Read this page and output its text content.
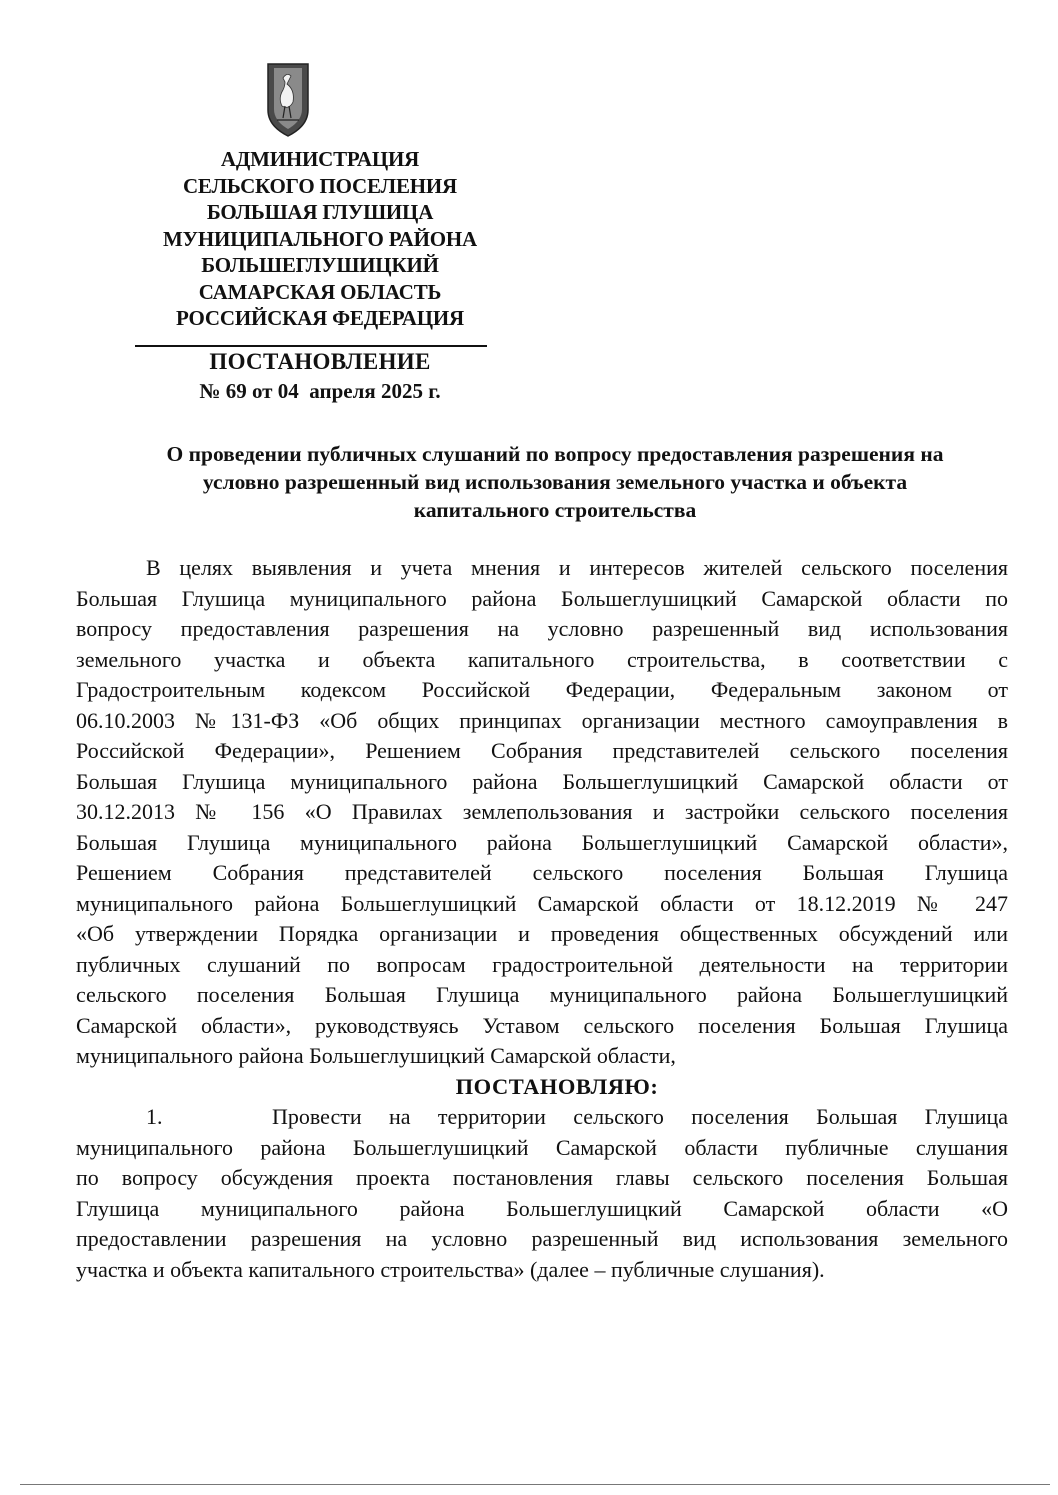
АДМИНИСТРАЦИЯ
СЕЛЬСКОГО ПОСЕЛЕНИЯ
БОЛЬШАЯ ГЛУШИЦА
МУНИЦИПАЛЬНОГО РАЙОНА
БОЛЬШЕГЛУШИЦКИЙ
САМАРСКАЯ ОБЛАСТЬ
РОССИЙСКАЯ ФЕДЕРАЦИЯ
ПОСТАНОВЛЕНИЕ
№ 69 от 04  апреля 2025 г.
О проведении публичных слушаний по вопросу предоставления разрешения на
условно разрешенный вид использования земельного участка и объекта
капитального строительства
В целях выявления и учета мнения и интересов жителей сельского поселения
Большая Глушица муниципального района Большеглушицкий Самарской области по
вопросу предоставления разрешения на условно разрешенный вид использования
земельного участка и объекта капитального строительства, в соответствии с
Градостроительным кодексом Российской Федерации, Федеральным законом от
06.10.2003 №131-ФЗ «Об общих принципах организации местного самоуправления в
Российской Федерации», Решением Собрания представителей сельского поселения
Большая Глушица муниципального района Большеглушицкий Самарской области от
30.12.2013 № 156 «О Правилах землепользования и застройки сельского поселения
Большая Глушица муниципального района Большеглушицкий Самарской области»,
Решением Собрания представителей сельского поселения Большая Глушица
муниципального района Большеглушицкий Самарской области от 18.12.2019 № 247
«Об утверждении Порядка организации и проведения общественных обсуждений или
публичных слушаний по вопросам градостроительной деятельности на территории
сельского поселения Большая Глушица муниципального района Большеглушицкий
Самарской области», руководствуясь Уставом сельского поселения Большая Глушица
муниципального района Большеглушицкий Самарской области,
ПОСТАНОВЛЯЮ:
1.	Провести на территории сельского поселения Большая Глушица
муниципального района Большеглушицкий Самарской области публичные слушания
по вопросу обсуждения проекта постановления главы сельского поселения Большая
Глушица муниципального района Большеглушицкий Самарской области «О
предоставлении разрешения на условно разрешенный вид использования земельного
участка и объекта капитального строительства» (далее – публичные слушания).
